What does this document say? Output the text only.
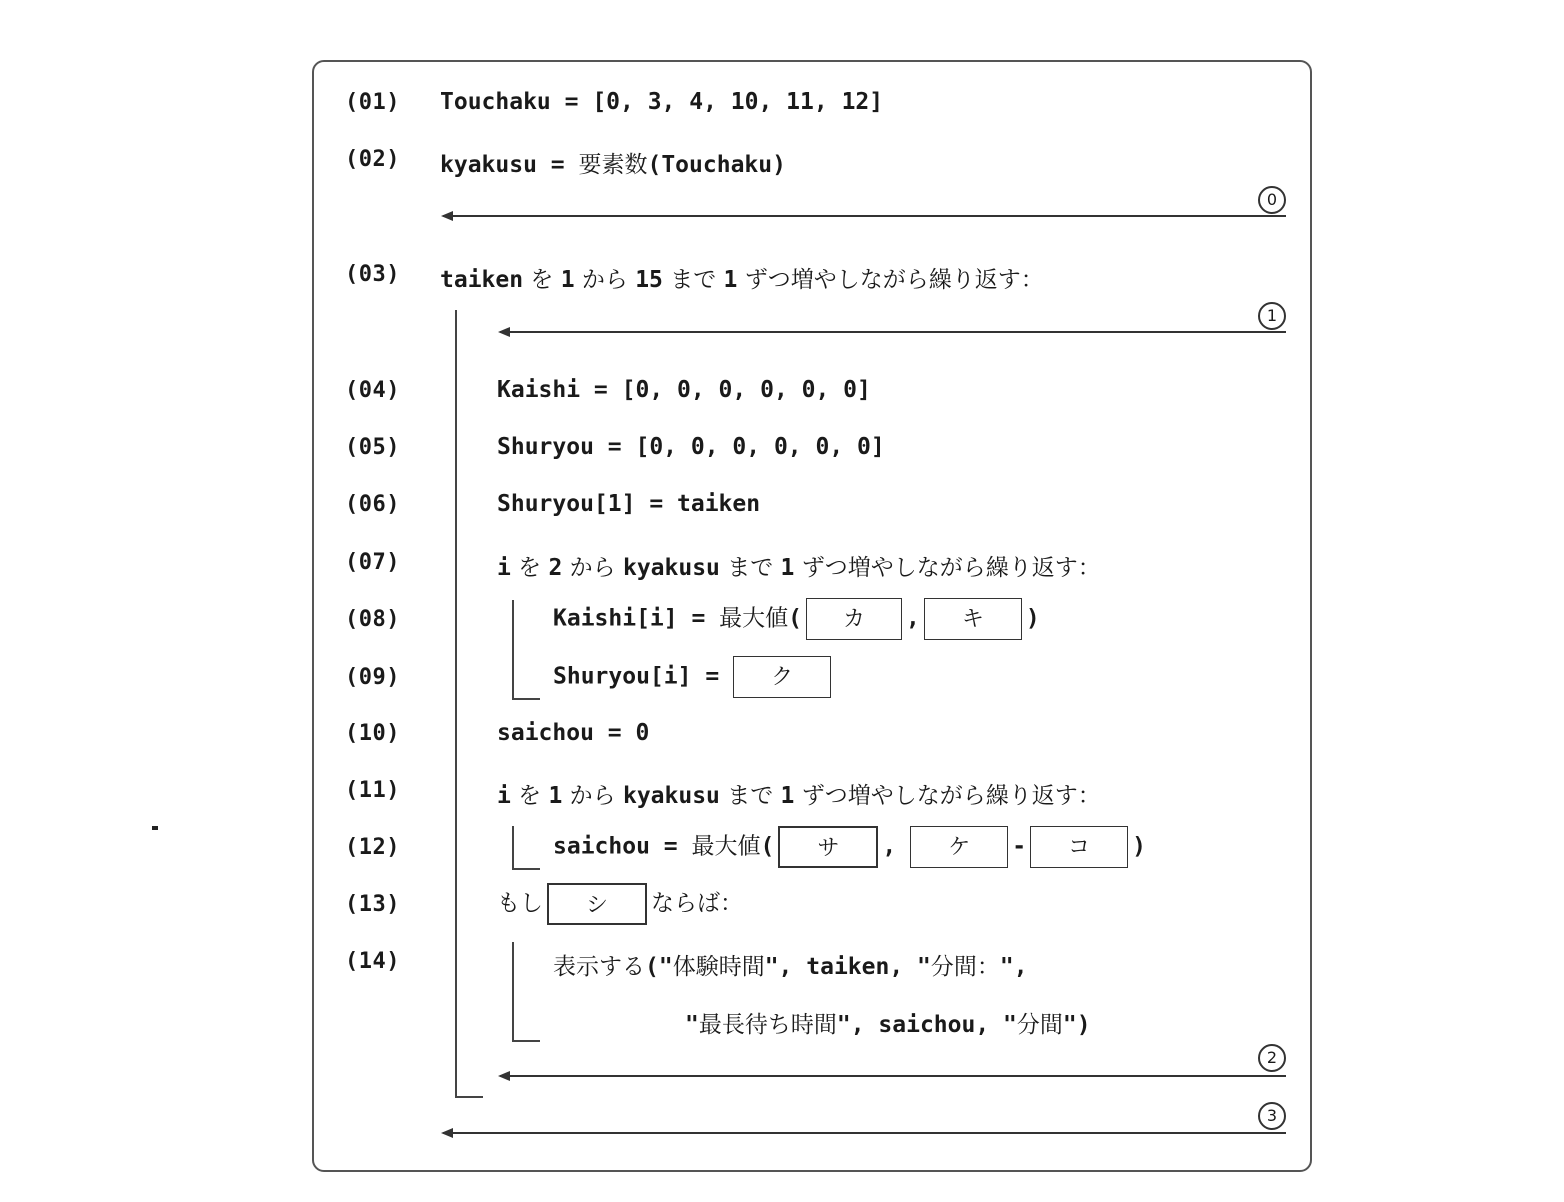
(01)
(02)
(03)
(04)
(05)
(06)
(07)
(08)
(09)
(10)
(11)
(12)
(13)
(14)
Touchaku = [0, 3, 4, 10, 11, 12]
kyakusu = 要素数(Touchaku)
taiken を 1 から 15 まで 1 ずつ増やしながら繰り返す：
Kaishi = [0, 0, 0, 0, 0, 0]
Shuryou = [0, 0, 0, 0, 0, 0]
Shuryou[1] = taiken
i を 2 から kyakusu まで 1 ずつ増やしながら繰り返す：
Kaishi[i] = 最大値( カ , キ )
Shuryou[i] = ク
saichou = 0
i を 1 から kyakusu まで 1 ずつ増やしながら繰り返す：
saichou = 最大値( サ , ケ - コ )
もし シ ならば：
表示する("体験時間", taiken, "分間：",
"最長待ち時間", saichou, "分間")
0
1
2
3
